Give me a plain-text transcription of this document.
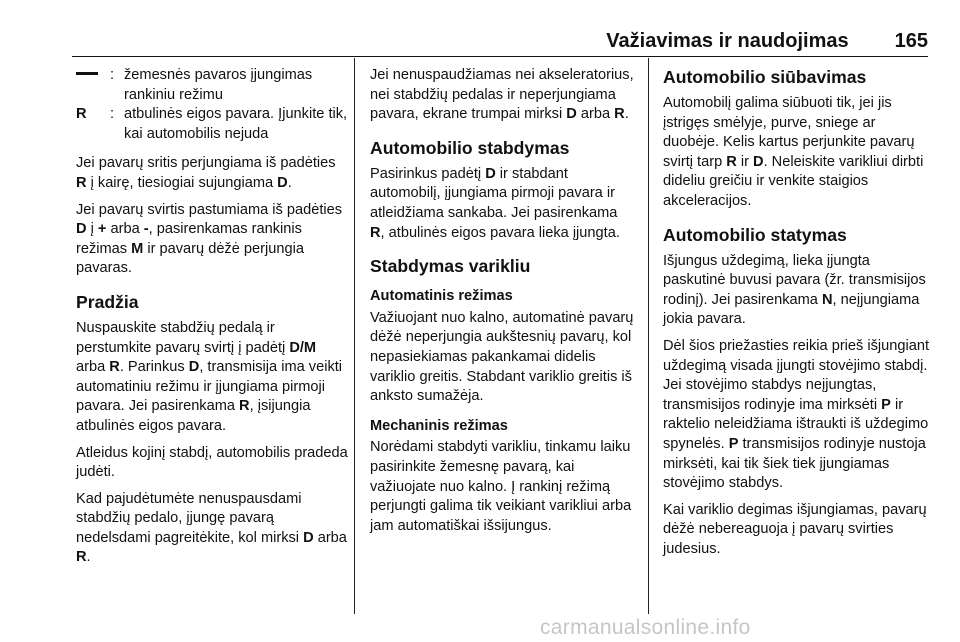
Važiavimas ir naudojimas 165
: žemesnės pavaros įjungimas rankiniu režimu
R	: atbulinės eigos pavara. Įjunkite tik, kai automobilis nejuda

Jei pavarų sritis perjungiama iš padėties R į kairę, tiesiogiai sujungiama D.

Jei pavarų svirtis pastumiama iš padėties D į + arba -, pasirenkamas rankinis režimas M ir pavarų dėžė perjungia pavaras.

Pradžia

Nuspauskite stabdžių pedalą ir perstumkite pavarų svirtį į padėtį D/M arba R. Parinkus D, transmisija ima veikti automatiniu režimu ir įjungiama pirmoji pavara. Jei pasirenkama R, įsijungia atbulinės eigos pavara.

Atleidus kojinį stabdį, automobilis pradeda judėti.

Kad pajudėtumėte nenuspausdami stabdžių pedalo, įjungę pavarą nedelsdami pagreitėkite, kol mirksi D arba R.

Jei nenuspaudžiamas nei akseleratorius, nei stabdžių pedalas ir neperjungiama pavara, ekrane trumpai mirksi D arba R.

Automobilio stabdymas

Pasirinkus padėtį D ir stabdant automobilį, įjungiama pirmoji pavara ir atleidžiama sankaba. Jei pasirenkama R, atbulinės eigos pavara lieka įjungta.

Stabdymas varikliu
Automatinis režimas

Važiuojant nuo kalno, automatinė pavarų dėžė neperjungia aukštesnių pavarų, kol nepasiekiamas pakankamai didelis variklio greitis. Stabdant variklio greitis iš anksto sumažėja.

Mechaninis režimas

Norėdami stabdyti varikliu, tinkamu laiku pasirinkite žemesnę pavarą, kai važiuojate nuo kalno. Į rankinį režimą perjungti galima tik veikiant varikliui arba jam automatiškai išsijungus.

Automobilio siūbavimas

Automobilį galima siūbuoti tik, jei jis įstrigęs smėlyje, purve, sniege ar duobėje. Kelis kartus perjunkite pavarų svirtį tarp R ir D. Neleiskite varikliui dirbti dideliu greičiu ir venkite staigios akceleracijos.

Automobilio statymas

Išjungus uždegimą, lieka įjungta paskutinė buvusi pavara (žr. transmisijos rodinį). Jei pasirenkama N, neįjungiama jokia pavara.

Dėl šios priežasties reikia prieš išjungiant uždegimą visada įjungti stovėjimo stabdį. Jei stovėjimo stabdys neįjungtas, transmisijos rodinyje ima mirksėti P ir raktelio neleidžiama ištraukti iš uždegimo spynelės. P transmisijos rodinyje nustoja mirksėti, kai tik šiek tiek įjungiamas stovėjimo stabdys.

Kai variklio degimas išjungiamas, pavarų dėžė nebereaguoja į pavarų svirties judesius.

carmanualsonline.info
